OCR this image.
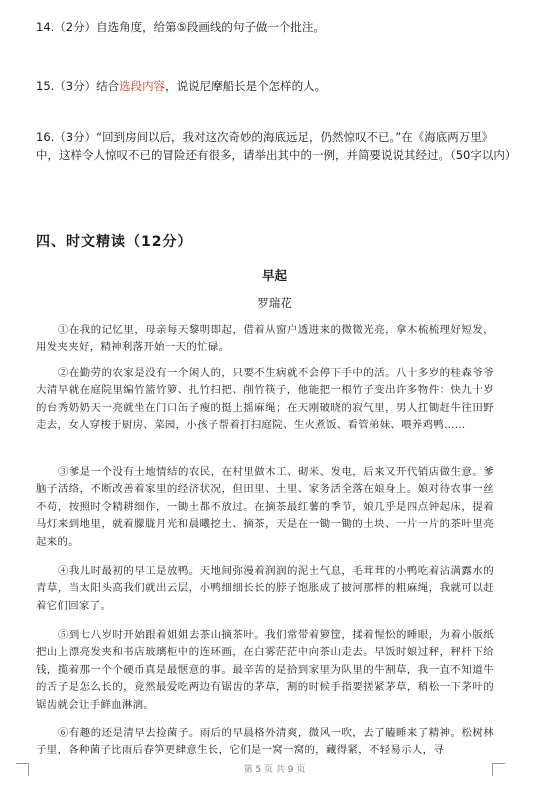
14.（2分）自选角度，给第⑤段画线的句子做一个批注。
15.（3分）结合选段内容，说说尼摩船长是个怎样的人。
16.（3分）“回到房间以后，我对这次奇妙的海底远足，仍然惊叹不已。”在《海底两万里》中，这样令人惊叹不已的冒险还有很多，请举出其中的一例，并简要说说其经过。（50字以内）
四、时文精读（12分）
早起
罗瑞花

①在我的记忆里，母亲每天黎明即起，借着从窗户透进来的微微光亮，拿木梳梳理好短发，用发夹夹好，精神利落开始一天的忙碌。

②在勤劳的农家是没有一个闲人的，只要不生病就不会停下手中的活。八十多岁的桂森爷爷大清早就在庭院里编竹篮竹箩、扎竹扫把、削竹筷子，他能把一根竹子变出许多物件：快九十岁的台秀奶奶天一亮就坐在门口缶子瘦的挺上摇麻绳；在天刚破晓的寂气里，男人扛锄赶牛往田野走去，女人穿梭于厨房、菜园，小孩子帮着打扫庭院、生火煮饭、看管弟妹、喂养鸡鸭……

③爹是一个没有土地情结的农民，在村里做木工、砌米、发电，后来又开代销店做生意。爹脑子活络，不断改善着家里的经济状况，但田里、土里、家务活全落在娘身上。娘对待农事一丝不苟，按照时令精耕细作，一锄土都不放过。在摘茶最红薯的季节，娘几乎是四点钟起床，提着马灯来到地里，就着朦胧月光和晨曦挖土、摘茶，天是在一锄一锄的土块、一片一片的茶叶里亮起来的。

④我儿时最初的早工是放鸭。天地间弥漫着润润的泥土气息，毛茸茸的小鸭吃着沾满露水的青草，当太阳头高我们就出云层，小鸭细细长长的脖子饱胀成了披河那样的粗麻绳，我就可以赶着它们回家了。

⑤到七八岁时开始跟着姐姐去茶山摘茶叶。我们常带着箩筐，揉着惺忪的睡眼，为着小版纸把山上漂亮发夹和书店玻璃柜中的连环画，在白雾茫茫中向茶山走去。早饭时娘过秤，秤杆下给钱，揽着那一个个硬币真是最惬意的事。最辛苦的是拾到家里为队里的牛割草，我一直不知道牛的舌子是怎么长的，竟然最爱吃两边有锯齿的茅草，割的时候手指要搓紧茅草，稍松一下茅叶的锯齿就会让手鲜血淋漓。

⑥有趣的还是清早去捡菌子。雨后的早晨格外清爽，微风一吹，去了瞌睡来了精神。松树林子里，各种菌子比雨后春笋更肆意生长，它们是一窝一窝的，藏得紧，不轻易示人，寻

第 5 页 共 9 页
